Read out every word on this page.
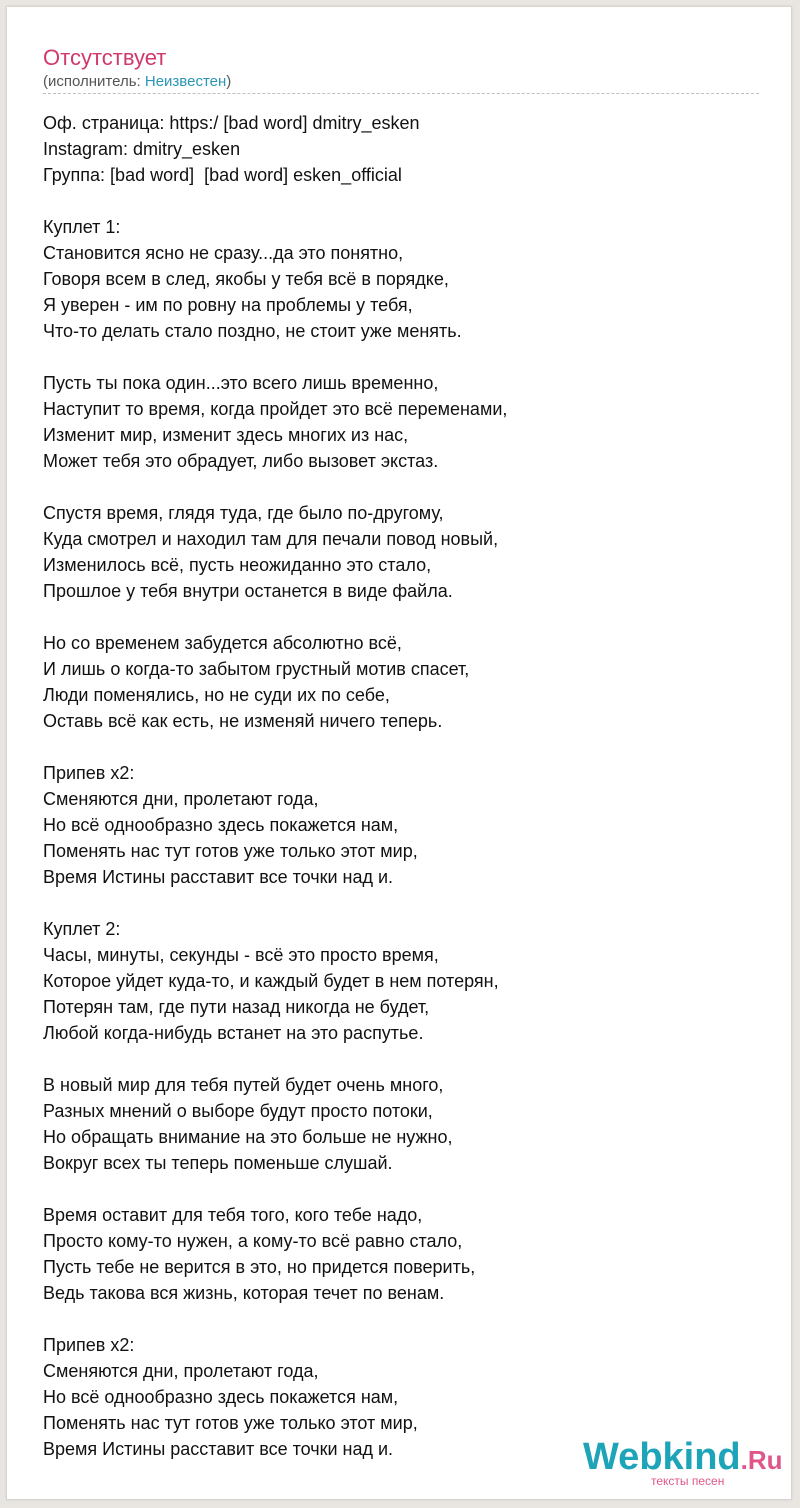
Отсутствует
(исполнитель: Неизвестен)
Оф. страница: https:/ [bad word] dmitry_esken
Instagram: dmitry_esken
Группа: [bad word]  [bad word] esken_official

Куплет 1:
Становится ясно не сразу...да это понятно,
Говоря всем в след, якобы у тебя всё в порядке,
Я уверен - им по ровну на проблемы у тебя,
Что-то делать стало поздно, не стоит уже менять.

Пусть ты пока один...это всего лишь временно,
Наступит то время, когда пройдет это всё переменами,
Изменит мир, изменит здесь многих из нас,
Может тебя это обрадует, либо вызовет экстаз.

Спустя время, глядя туда, где было по-другому,
Куда смотрел и находил там для печали повод новый,
Изменилось всё, пусть неожиданно это стало,
Прошлое у тебя внутри останется в виде файла.

Но со временем забудется абсолютно всё,
И лишь о когда-то забытом грустный мотив спасет,
Люди поменялись, но не суди их по себе,
Оставь всё как есть, не изменяй ничего теперь.

Припев x2:
Сменяются дни, пролетают года,
Но всё однообразно здесь покажется нам,
Поменять нас тут готов уже только этот мир,
Время Истины расставит все точки над и.

Куплет 2:
Часы, минуты, секунды - всё это просто время,
Которое уйдет куда-то, и каждый будет в нем потерян,
Потерян там, где пути назад никогда не будет,
Любой когда-нибудь встанет на это распутье.

В новый мир для тебя путей будет очень много,
Разных мнений о выборе будут просто потоки,
Но обращать внимание на это больше не нужно,
Вокруг всех ты теперь поменьше слушай.

Время оставит для тебя того, кого тебе надо,
Просто кому-то нужен, а кому-то всё равно стало,
Пусть тебе не верится в это, но придется поверить,
Ведь такова вся жизнь, которая течет по венам.

Припев x2:
Сменяются дни, пролетают года,
Но всё однообразно здесь покажется нам,
Поменять нас тут готов уже только этот мир,
Время Истины расставит все точки над и.	Webkind.Ru
тексты песен
